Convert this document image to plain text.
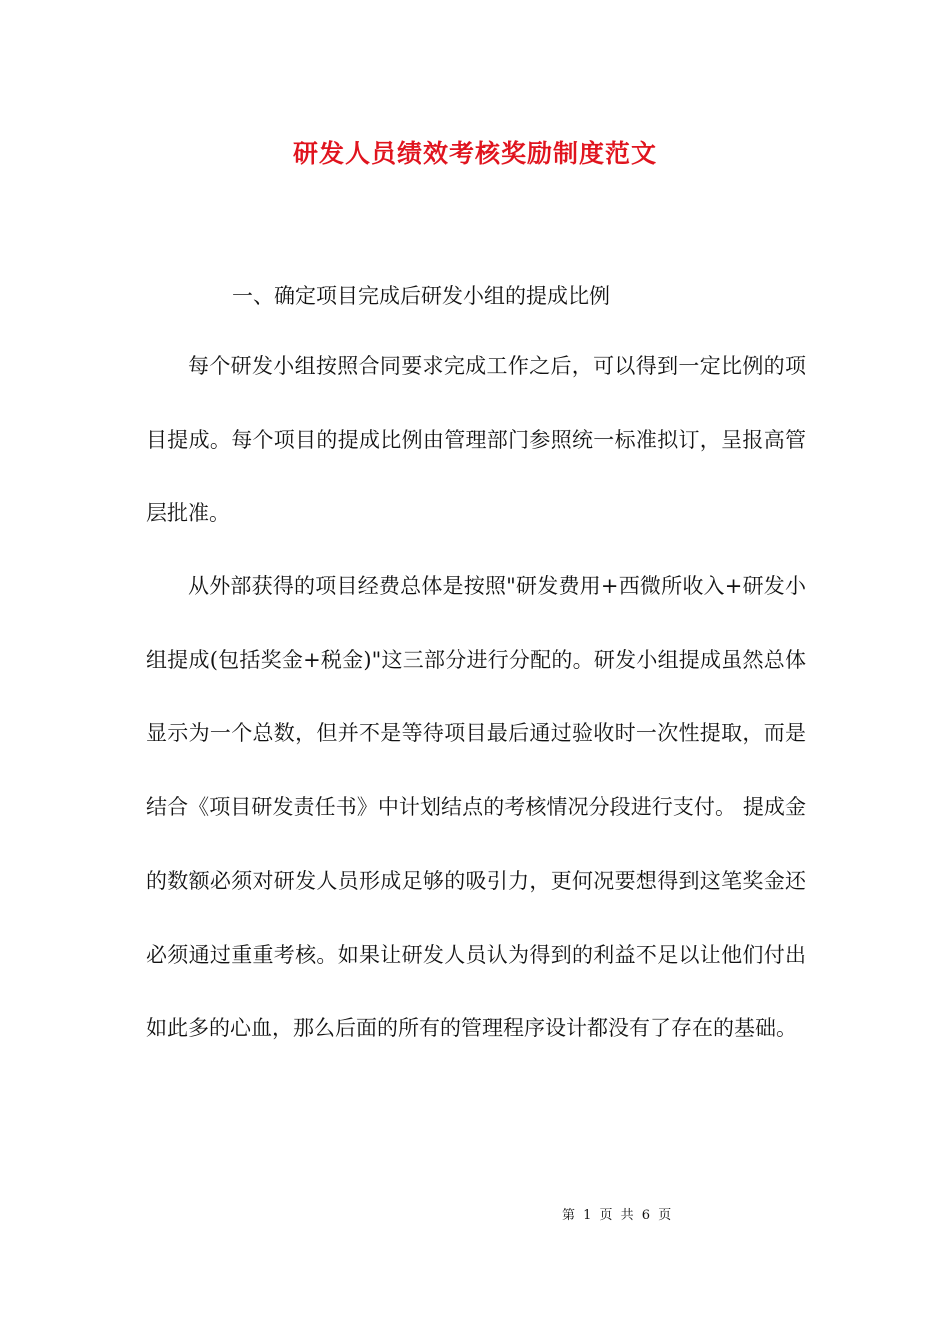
研发人员绩效考核奖励制度范文

一、确定项目完成后研发小组的提成比例

每个研发小组按照合同要求完成工作之后，可以得到一定比例的项目提成。每个项目的提成比例由管理部门参照统一标准拟订，呈报高管层批准。

从外部获得的项目经费总体是按照"研发费用+西微所收入+研发小组提成(包括奖金+税金)"这三部分进行分配的。研发小组提成虽然总体显示为一个总数，但并不是等待项目最后通过验收时一次性提取，而是结合《项目研发责任书》中计划结点的考核情况分段进行支付。 提成金的数额必须对研发人员形成足够的吸引力，更何况要想得到这笔奖金还必须通过重重考核。如果让研发人员认为得到的利益不足以让他们付出如此多的心血，那么后面的所有的管理程序设计都没有了存在的基础。

第 1 页 共 6 页
